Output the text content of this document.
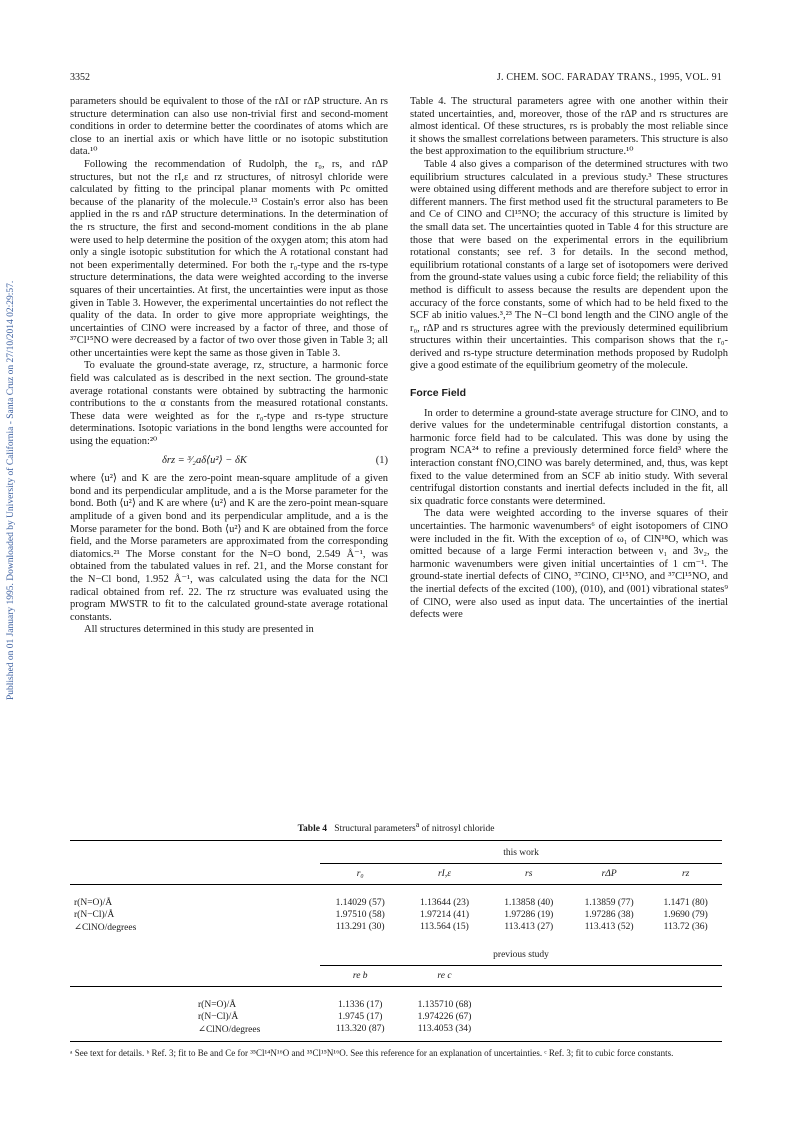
3352	J. CHEM. SOC. FARADAY TRANS., 1995, VOL. 91
Published on 01 January 1995. Downloaded by University of California - Santa Cruz on 27/10/2014 02:29:57.

parameters should be equivalent to those of the rΔI or rΔP structure. An rs structure determination can also use non-trivial first and second-moment conditions in order to determine better the coordinates of atoms which are close to an inertial axis or which have little or no isotopic substitution data.¹⁰

Following the recommendation of Rudolph, the r₀, rs, and rΔP structures, but not the rI,ε and rz structures, of nitrosyl chloride were calculated by fitting to the principal planar moments with Pc omitted because of the planarity of the molecule.¹³ Costain's error also has been applied in the rs and rΔP structure determinations. In the determination of the rs structure, the first and second-moment conditions in the ab plane were used to help determine the position of the oxygen atom; this atom had only a single isotopic substitution for which the A rotational constant had not been experimentally determined. For both the r₀-type and the rs-type structure determinations, the data were weighted according to the inverse squares of their uncertainties. At first, the uncertainties were input as those given in Table 3. However, the experimental uncertainties do not reflect the quality of the data. In order to give more appropriate weightings, the uncertainties of ClNO were increased by a factor of three, and those of ³⁷Cl¹⁵NO were decreased by a factor of two over those given in Table 3; all other uncertainties were kept the same as those given in Table 3.

To evaluate the ground-state average, rz, structure, a harmonic force field was calculated as is described in the next section. The ground-state average rotational constants were obtained by subtracting the harmonic contributions to the α constants from the measured rotational constants. These data were weighted as for the r₀-type and rs-type structure determinations. Isotopic variations in the bond lengths were accounted for using the equation:²⁰

δrz = ³⁄₂aδ⟨u²⟩ − δK	(1)

where ⟨u²⟩ and K are the zero-point mean-square amplitude of a given bond and its perpendicular amplitude, and a is the Morse parameter for the bond. Both ⟨u²⟩ and K are where ⟨u²⟩ and K are the zero-point mean-square amplitude of a given bond and its perpendicular amplitude, and a is the Morse parameter for the bond. Both ⟨u²⟩ and K are obtained from the force field, and the Morse parameters are approximated from the corresponding diatomics.²¹ The Morse constant for the N=O bond, 2.549 Å⁻¹, was obtained from the tabulated values in ref. 21, and the Morse constant for the N−Cl bond, 1.952 Å⁻¹, was calculated using the data for the NCl radical obtained from ref. 22. The rz structure was evaluated using the program MWSTR to fit to the calculated ground-state average rotational constants.

All structures determined in this study are presented in

Table 4. The structural parameters agree with one another within their stated uncertainties, and, moreover, those of the rΔP and rs structures are almost identical. Of these structures, rs is probably the most reliable since it shows the smallest correlations between parameters. This structure is also the best approximation to the equilibrium structure.¹⁰

Table 4 also gives a comparison of the determined structures with two equilibrium structures calculated in a previous study.³ These structures were obtained using different methods and are therefore subject to error in different manners. The first method used fit the structural parameters to Be and Ce of ClNO and Cl¹⁵NO; the accuracy of this structure is limited by the small data set. The uncertainties quoted in Table 4 for this structure are those that were based on the experimental errors in the equilibrium rotational constants; see ref. 3 for details. In the second method, equilibrium rotational constants of a large set of isotopomers were derived from the ground-state values using a cubic force field; the reliability of this method is difficult to assess because the results are dependent upon the accuracy of the force constants, some of which had to be held fixed to the SCF ab initio values.³,²³ The N−Cl bond length and the ClNO angle of the r₀, rΔP and rs structures agree with the previously determined equilibrium structures within their uncertainties. This comparison shows that the r₀-derived and rs-type structure determination methods proposed by Rudolph give a good estimate of the equilibrium geometry of the molecule.

Force Field

In order to determine a ground-state average structure for ClNO, and to derive values for the undeterminable centrifugal distortion constants, a harmonic force field had to be calculated. This was done by using the program NCA²⁴ to refine a previously determined force field³ where the interaction constant fNO,ClNO was barely determined, and, thus, was kept fixed to the value determined from an SCF ab initio study. With several centrifugal distortion constants and inertial defects included in the fit, all six quadratic force constants were determined.

The data were weighted according to the inverse squares of their uncertainties. The harmonic wavenumbers⁶ of eight isotopomers of ClNO were included in the fit. With the exception of ω₁ of ClN¹⁸O, which was omitted because of a large Fermi interaction between ν₁ and 3ν₂, the harmonic wavenumbers were given initial uncertainties of 1 cm⁻¹. The ground-state inertial defects of ClNO, ³⁷ClNO, Cl¹⁵NO, and ³⁷Cl¹⁵NO, and the inertial defects of the excited (100), (010), and (001) vibrational states⁹ of ClNO, were also used as input data. The uncertainties of the inertial defects were

Table 4 Structural parameters$^a$ of nitrosyl chloride

	this work				
	r₀	rI,ε	rs	rΔP	rz

r(N=O)/Å	1.14029 (57)	1.13644 (23)	1.13858 (40)	1.13859 (77)	1.1471 (80)
r(N−Cl)/Å	1.97510 (58)	1.97214 (41)	1.97286 (19)	1.97286 (38)	1.9690 (79)
∠ClNO/degrees	113.291 (30)	113.564 (15)	113.413 (27)	113.413 (52)	113.72 (36)

	previous study				
	re b	re c			

r(N=O)/Å	1.1336 (17)	1.135710 (68)			
r(N−Cl)/Å	1.9745 (17)	1.974226 (67)			
∠ClNO/degrees	113.320 (87)	113.4053 (34)			
ᵃ See text for details. ᵇ Ref. 3; fit to Be and Ce for ³⁵Cl¹⁴N¹⁶O and ³⁵Cl¹⁵N¹⁶O. See this reference for an explanation of uncertainties. ᶜ Ref. 3; fit to cubic force constants.
